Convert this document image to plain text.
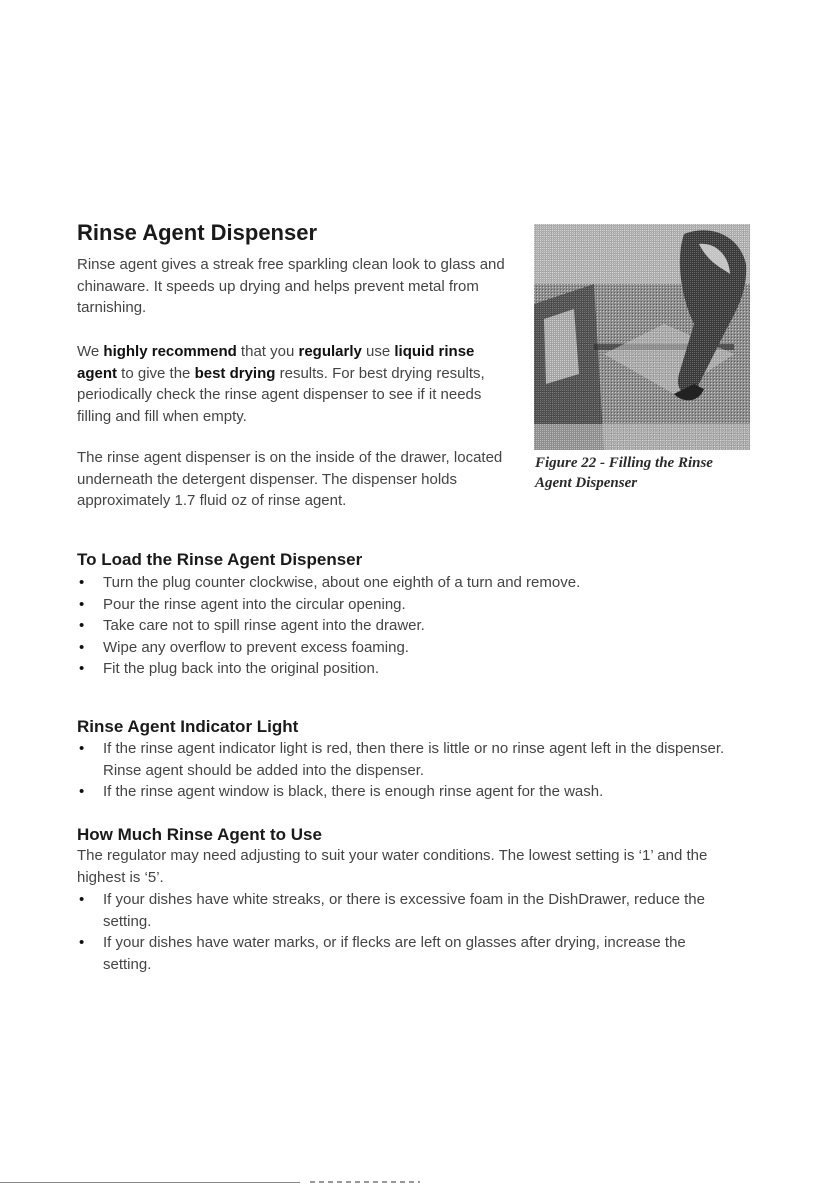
Rinse Agent Dispenser

Rinse agent gives a streak free sparkling clean look to glass and chinaware. It speeds up drying and helps prevent metal from tarnishing.

We highly recommend that you regularly use liquid rinse agent to give the best drying results. For best drying results, periodically check the rinse agent dispenser to see if it needs filling and fill when empty.

The rinse agent dispenser is on the inside of the drawer, located underneath the detergent dispenser. The dispenser holds approximately 1.7 fluid oz of rinse agent.

Figure 22 - Filling the Rinse Agent Dispenser
To Load the Rinse Agent Dispenser
• Turn the plug counter clockwise, about one eighth of a turn and remove.
• Pour the rinse agent into the circular opening.
• Take care not to spill rinse agent into the drawer.
• Wipe any overflow to prevent excess foaming.
• Fit the plug back into the original position.
Rinse Agent Indicator Light
• If the rinse agent indicator light is red, then there is little or no rinse agent left in the dispenser. Rinse agent should be added into the dispenser.
• If the rinse agent window is black, there is enough rinse agent for the wash.
How Much Rinse Agent to Use

The regulator may need adjusting to suit your water conditions. The lowest setting is ‘1’ and the highest is ‘5’.

• If your dishes have white streaks, or there is excessive foam in the DishDrawer, reduce the setting.
• If your dishes have water marks, or if flecks are left on glasses after drying, increase the setting.
